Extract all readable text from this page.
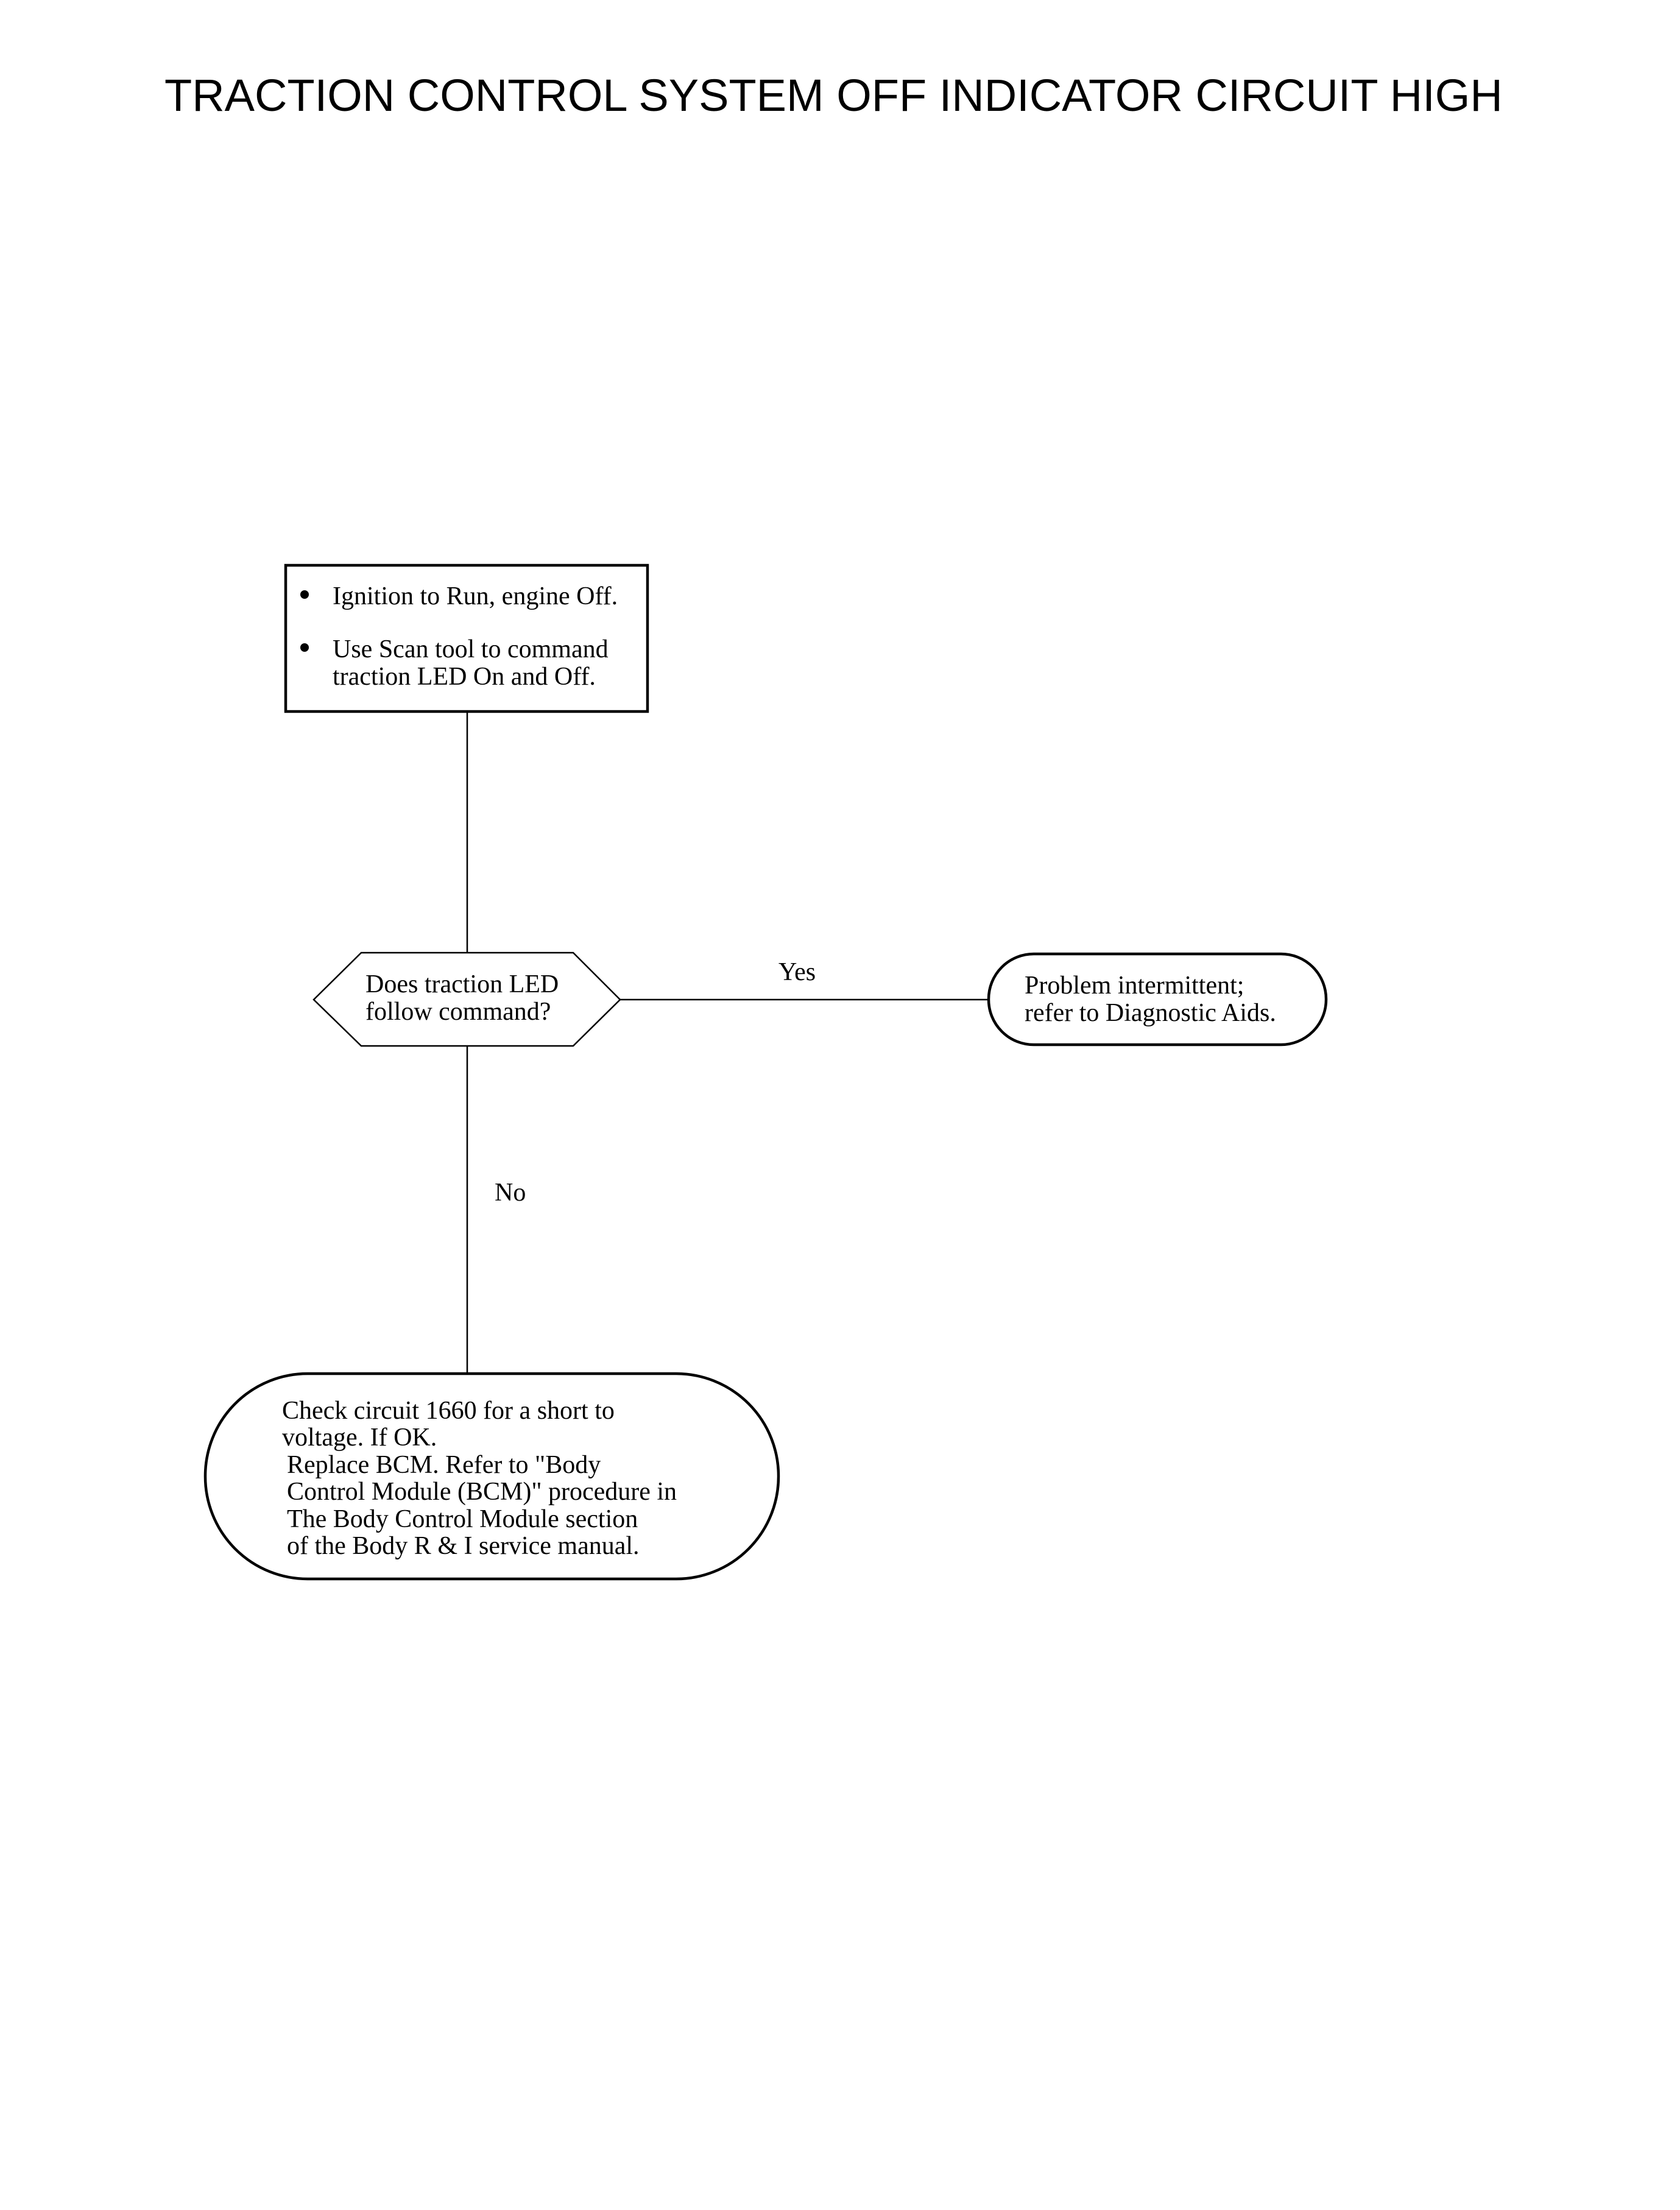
TRACTION CONTROL SYSTEM OFF INDICATOR CIRCUIT HIGH
Yes
No
Ignition to Run, engine Off.
Use Scan tool to command
traction LED On and Off.
Does traction LED
follow command?
Problem intermittent;
refer to Diagnostic Aids.
Check circuit 1660 for a short to
voltage. If OK.
Replace BCM. Refer to "Body
Control Module (BCM)" procedure in
The Body Control Module section
of the Body R & I service manual.
